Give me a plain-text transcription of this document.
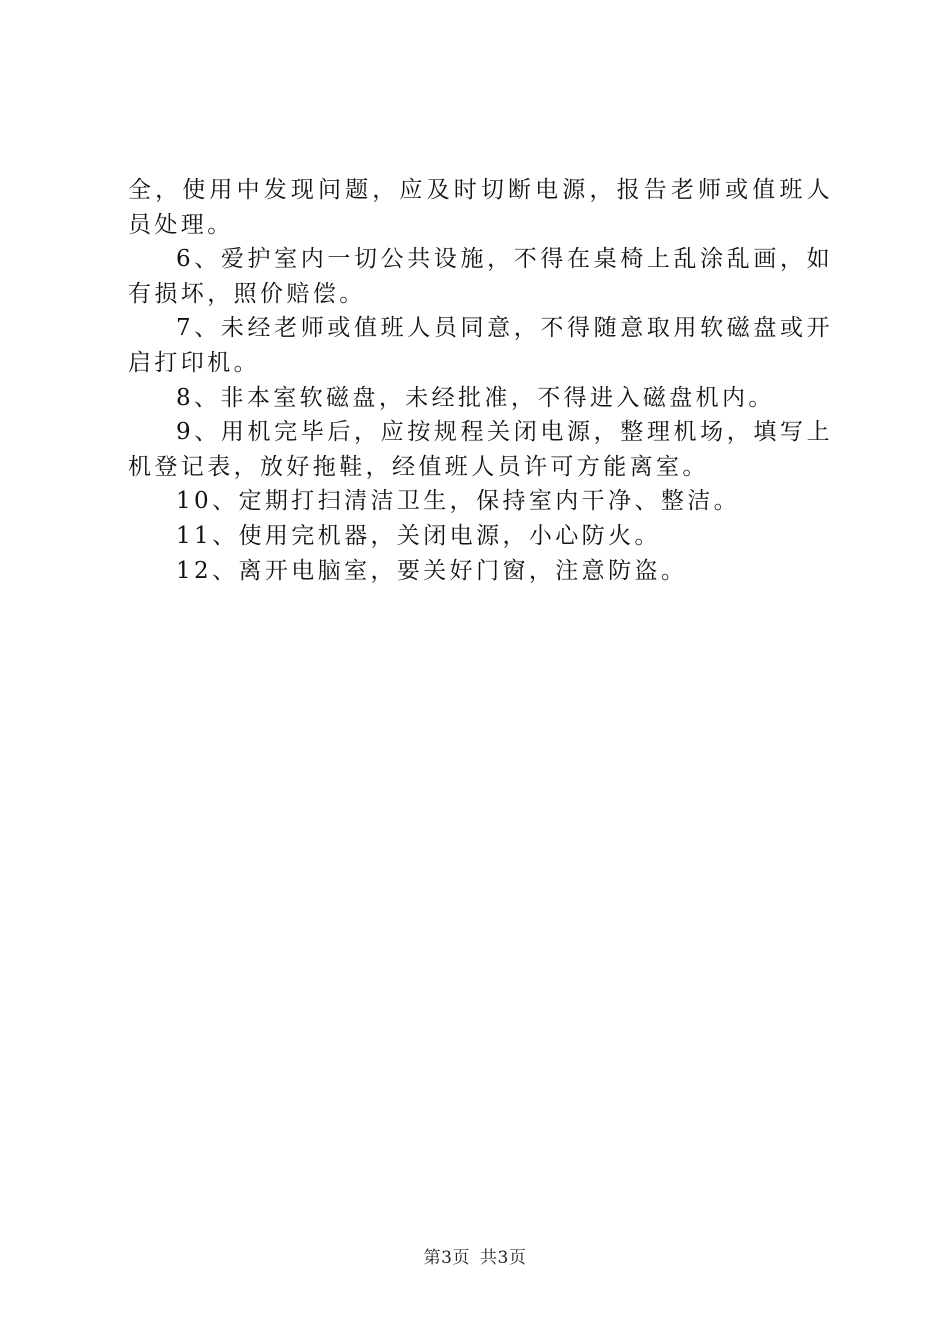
全，使用中发现问题，应及时切断电源，报告老师或值班人员处理。

6、爱护室内一切公共设施，不得在桌椅上乱涂乱画，如有损坏，照价赔偿。

7、未经老师或值班人员同意，不得随意取用软磁盘或开启打印机。

8、非本室软磁盘，未经批准，不得进入磁盘机内。

9、用机完毕后，应按规程关闭电源，整理机场，填写上机登记表，放好拖鞋，经值班人员许可方能离室。

10、定期打扫清洁卫生，保持室内干净、整洁。

11、使用完机器，关闭电源，小心防火。

12、离开电脑室，要关好门窗，注意防盗。

第3页 共3页
